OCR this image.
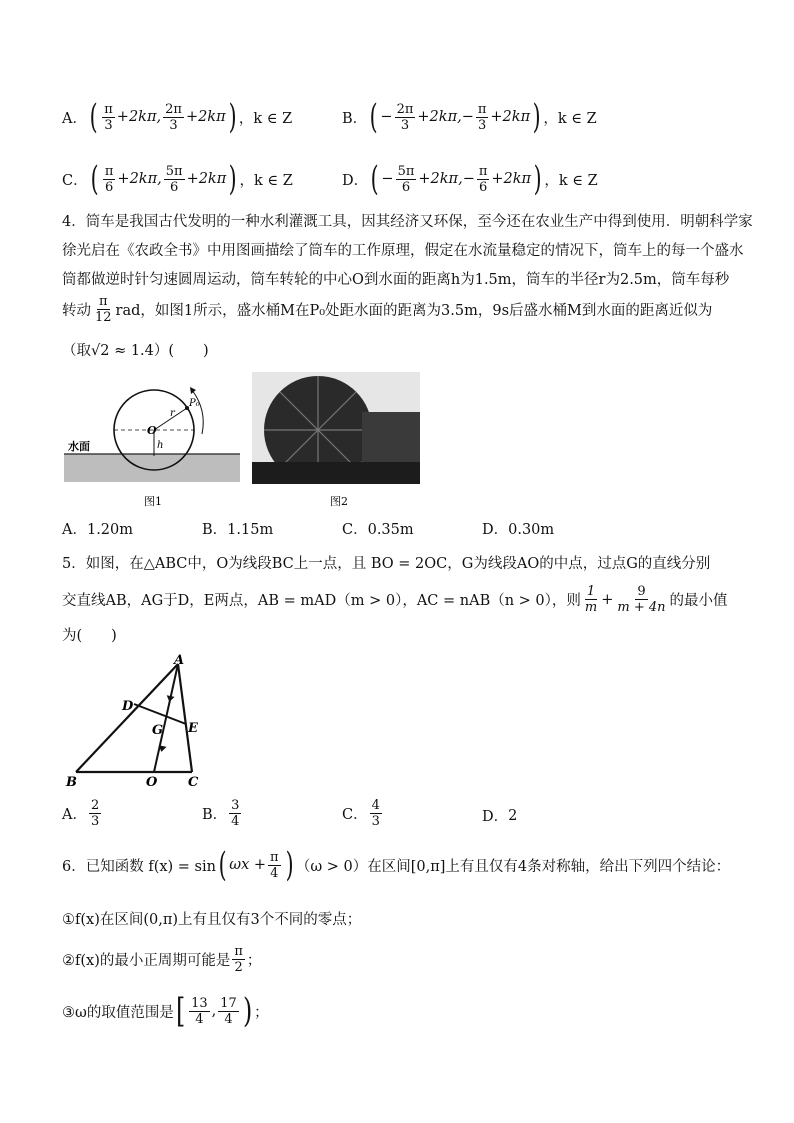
A． ( $\frac{\pi}{3} +2k\pi$, $\frac{2\pi}{3} +2k\pi$ ) ，k ∈ Z	B． ( − $\frac{2\pi}{3} +2k\pi,- \frac{\pi}{3} +2k\pi$ ) ，k ∈ Z
C． ( $\frac{\pi}{6} +2k\pi$, $\frac{5\pi}{6} +2k\pi$ ) ，k ∈ Z	D． ( − $\frac{5\pi}{6} +2k\pi,- \frac{\pi}{6} +2k\pi$ ) ，k ∈ Z
4．筒车是我国古代发明的一种水利灌溉工具，因其经济又环保，至今还在农业生产中得到使用．明朝科学家
徐光启在《农政全书》中用图画描绘了筒车的工作原理，假定在水流量稳定的情况下，筒车上的每一个盛水
筒都做逆时针匀速圆周运动，筒车转轮的中心O到水面的距离h为1.5m，筒车的半径r为2.5m，筒车每秒
转动 $\frac{\pi}{12}$ rad，如图1所示，盛水桶M在P₀处距水面的距离为3.5m，9s后盛水桶M到水面的距离近似为
（取√2 ≈ 1.4）(　　)
O
h
r
P₀
水面
图1	图2
A．1.20m	B．1.15m	C．0.35m	D．0.30m
5．如图，在△ABC中，O为线段BC上一点，且 BO = 2OC，G为线段AO的中点，过点G的直线分别
交直线AB，AG于D，E两点，AB = mAD（m > 0），AC = nAB（n > 0），则 $\frac{1}{m} + \frac{9}{m + 4n}$ 的最小值
为(　　)
A
B	C
D
E
G
O
A． $\frac{2}{3}$	B． $\frac{3}{4}$	C． $\frac{4}{3}$	D． 2
6．已知函数 f(x) = sin ( $\omega x + \frac{\pi}{4}$ ) （ω > 0）在区间[0,π]上有且仅有4条对称轴，给出下列四个结论：
①f(x)在区间(0,π)上有且仅有3个不同的零点；
②f(x)的最小正周期可能是 $\frac{\pi}{2}$ ；
③ω的取值范围是 [ $\frac{13}{4}$ , $\frac{17}{4}$ ) ；
